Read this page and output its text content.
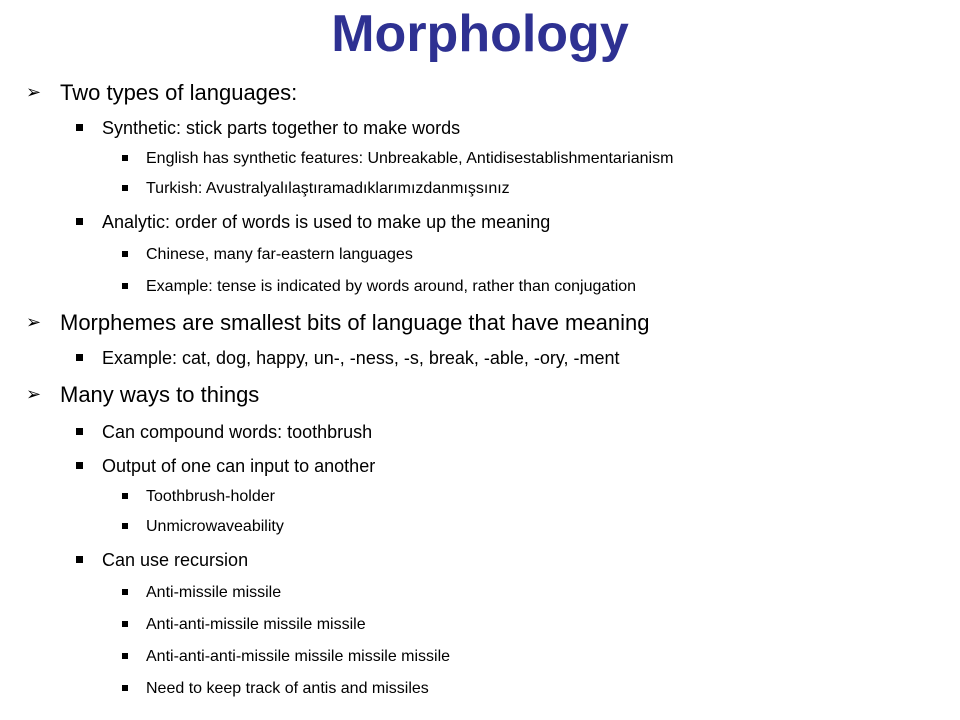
Morphology
➢ Two types of languages:
Synthetic: stick parts together to make words
English has synthetic features: Unbreakable, Antidisestablishmentarianism
Turkish: Avustralyalılaştıramadıklarımızdanmışsınız
Analytic: order of words is used to make up the meaning
Chinese, many far-eastern languages
Example: tense is indicated by words around, rather than conjugation
➢ Morphemes are smallest bits of language that have meaning
Example: cat, dog, happy, un-, -ness, -s, break, -able, -ory, -ment
➢ Many ways to things
Can compound words: toothbrush
Output of one can input to another
Toothbrush-holder
Unmicrowaveability
Can use recursion
Anti-missile missile
Anti-anti-missile missile missile
Anti-anti-anti-missile missile missile missile
Need to keep track of antis and missiles
